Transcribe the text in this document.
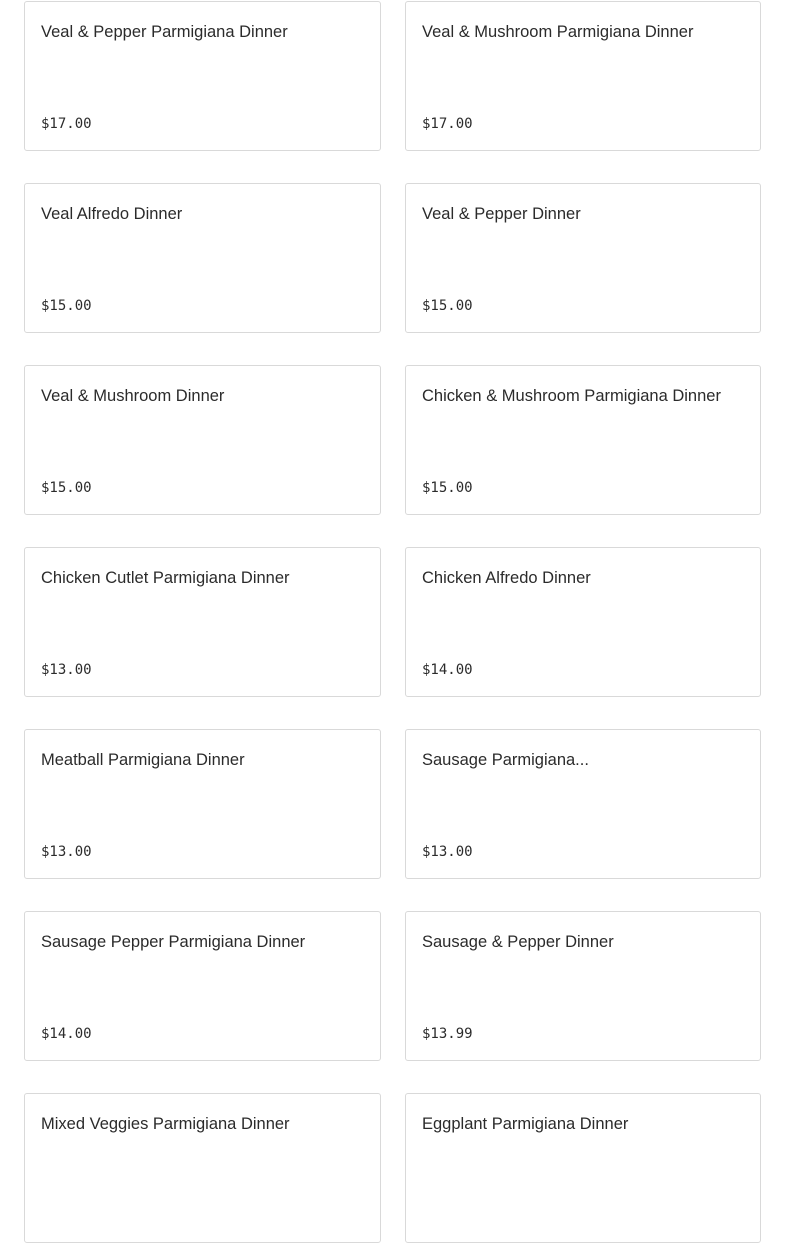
Veal & Pepper Parmigiana Dinner
$17.00
Veal & Mushroom Parmigiana Dinner
$17.00
Veal Alfredo Dinner
$15.00
Veal & Pepper Dinner
$15.00
Veal & Mushroom Dinner
$15.00
Chicken & Mushroom Parmigiana Dinner
$15.00
Chicken Cutlet Parmigiana Dinner
$13.00
Chicken Alfredo Dinner
$14.00
Meatball Parmigiana Dinner
$13.00
Sausage Parmigiana...
$13.00
Sausage Pepper Parmigiana Dinner
$14.00
Sausage & Pepper Dinner
$13.99
Mixed Veggies Parmigiana Dinner	Eggplant Parmigiana Dinner
